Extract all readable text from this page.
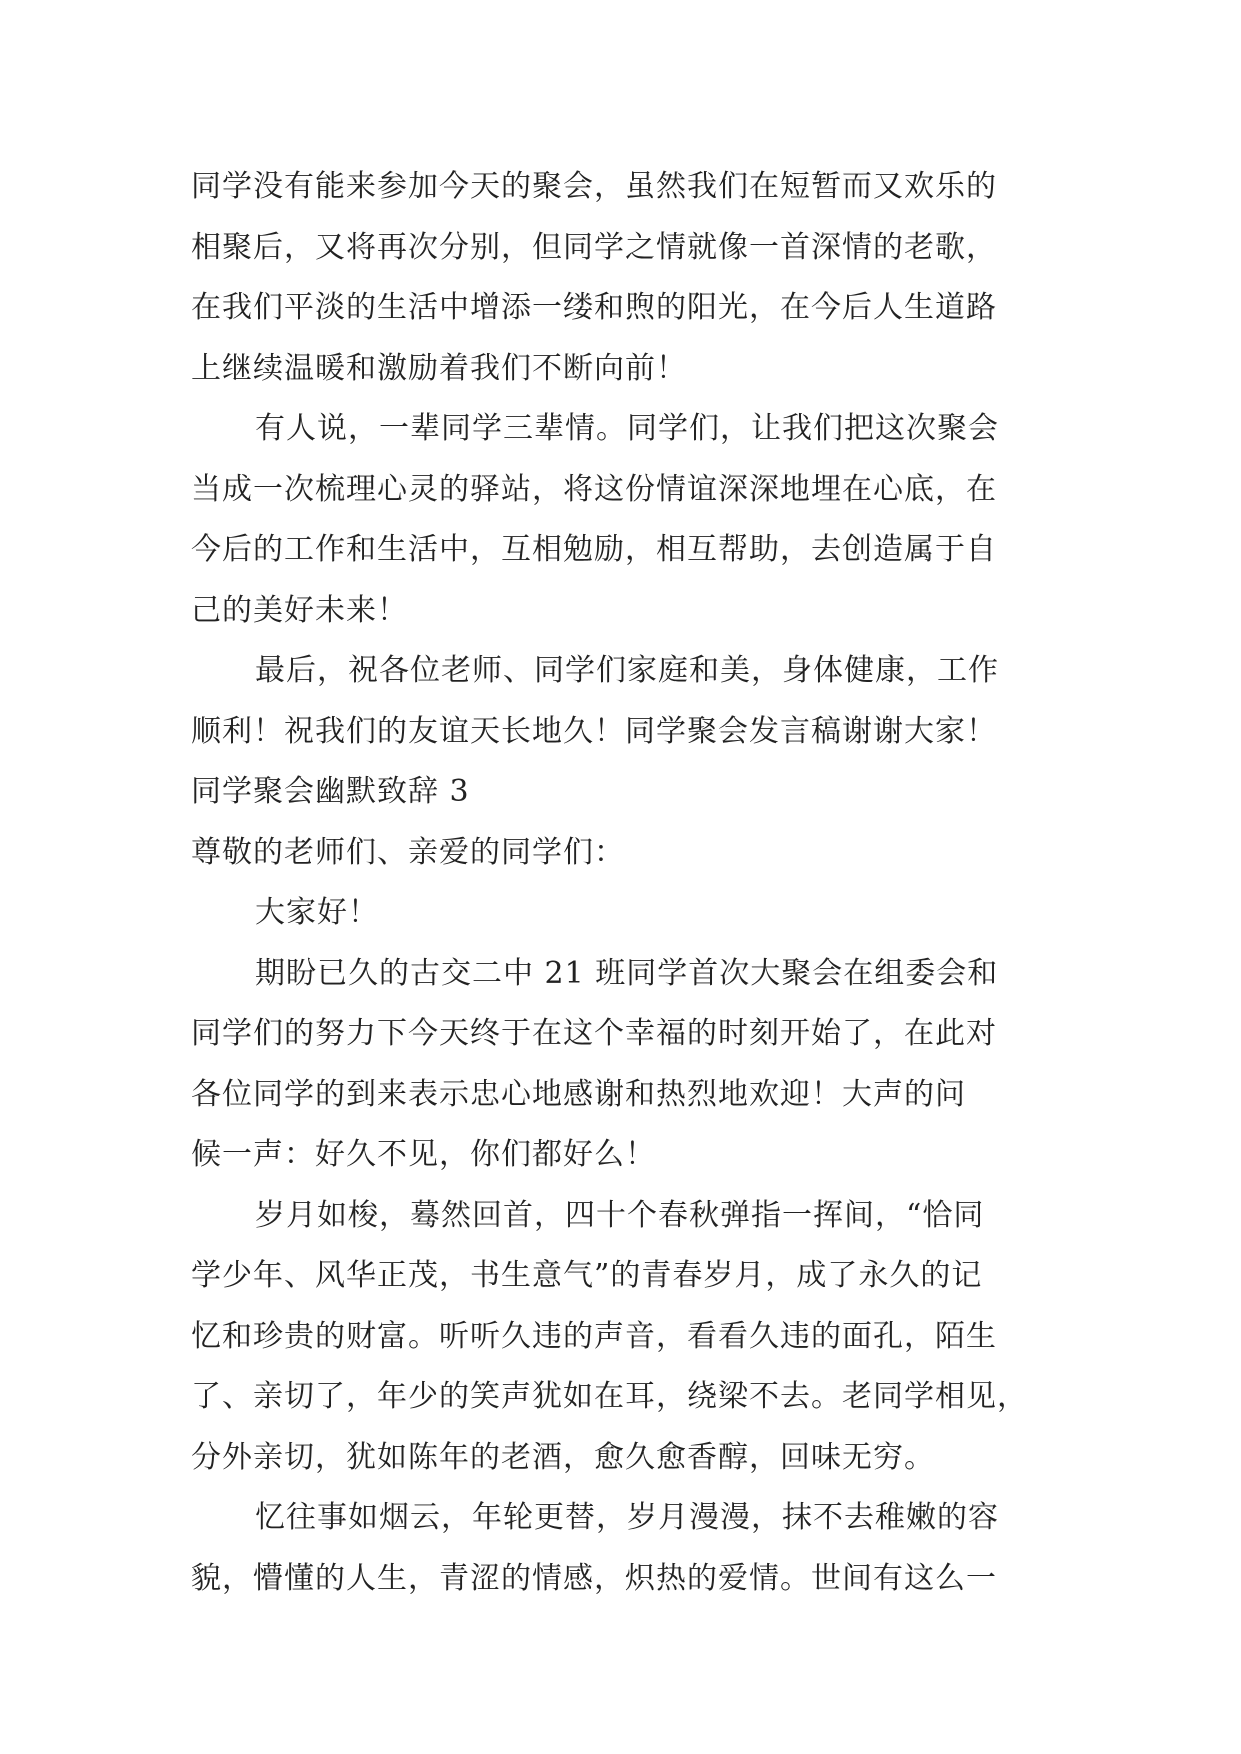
同学没有能来参加今天的聚会，虽然我们在短暂而又欢乐的
相聚后，又将再次分别，但同学之情就像一首深情的老歌，
在我们平淡的生活中增添一缕和煦的阳光，在今后人生道路
上继续温暖和激励着我们不断向前！
有人说，一辈同学三辈情。同学们，让我们把这次聚会
当成一次梳理心灵的驿站，将这份情谊深深地埋在心底，在
今后的工作和生活中，互相勉励，相互帮助，去创造属于自
己的美好未来！
最后，祝各位老师、同学们家庭和美，身体健康，工作
顺利！祝我们的友谊天长地久！同学聚会发言稿谢谢大家！
同学聚会幽默致辞 3
尊敬的老师们、亲爱的同学们：
大家好！
期盼已久的古交二中 21 班同学首次大聚会在组委会和
同学们的努力下今天终于在这个幸福的时刻开始了，在此对
各位同学的到来表示忠心地感谢和热烈地欢迎！大声的问
候一声：好久不见，你们都好么！
岁月如梭，蓦然回首，四十个春秋弹指一挥间，“恰同
学少年、风华正茂，书生意气”的青春岁月，成了永久的记
忆和珍贵的财富。听听久违的声音，看看久违的面孔，陌生
了、亲切了，年少的笑声犹如在耳，绕梁不去。老同学相见，
分外亲切，犹如陈年的老酒，愈久愈香醇，回味无穷。
忆往事如烟云，年轮更替，岁月漫漫，抹不去稚嫩的容
貌，懵懂的人生，青涩的情感，炽热的爱情。世间有这么一
